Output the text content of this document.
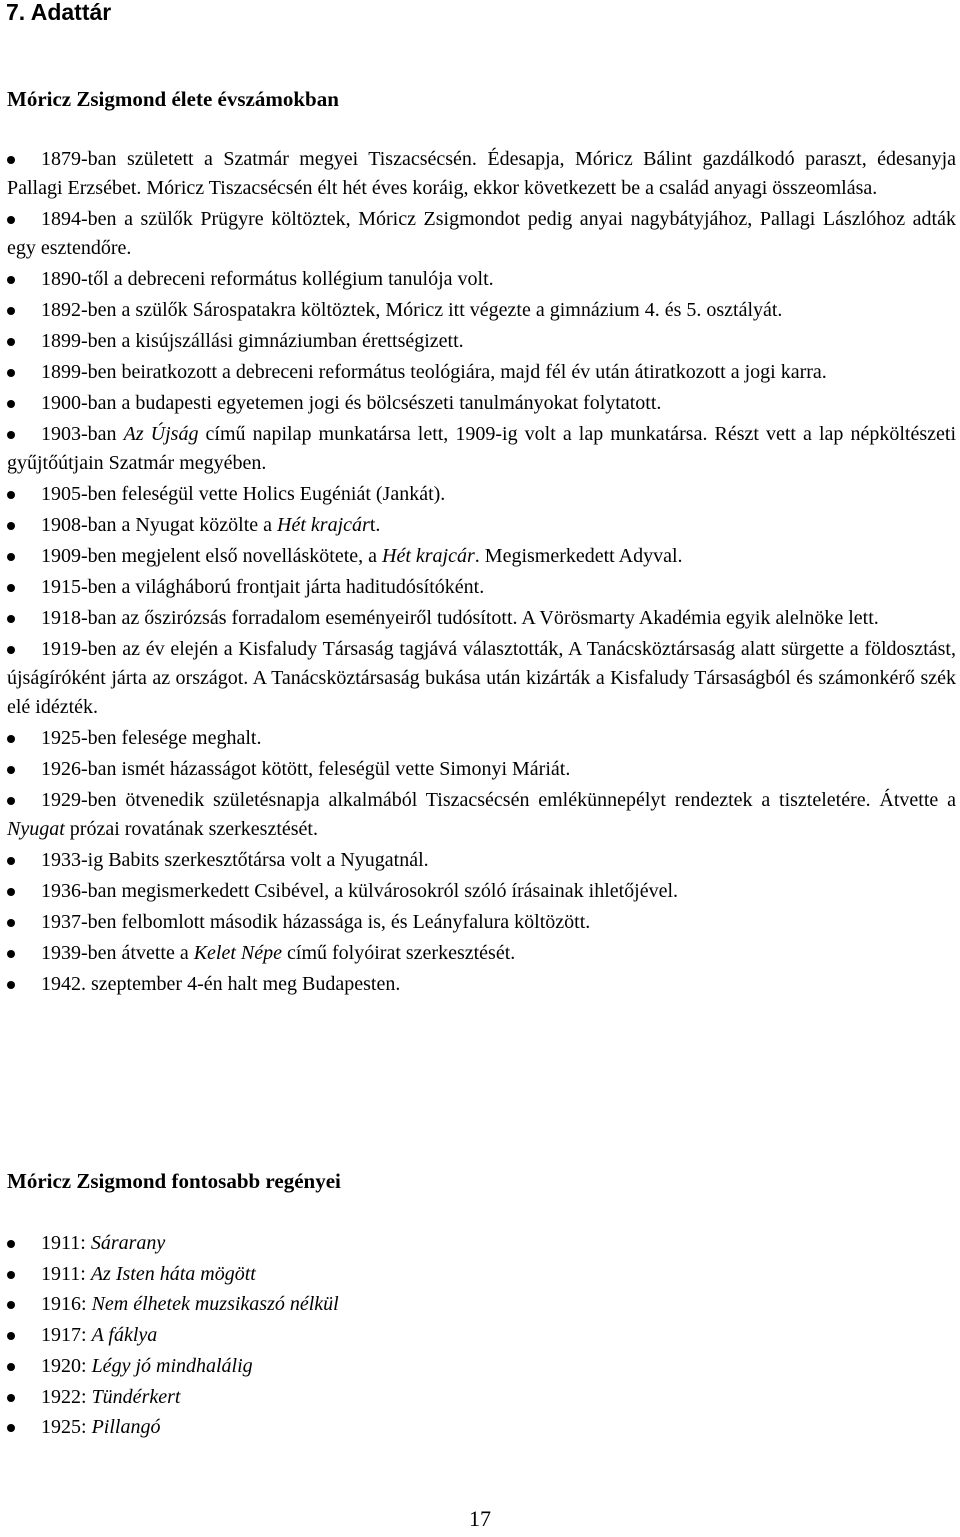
7. Adattár
Móricz Zsigmond élete évszámokban
1879-ban született a Szatmár megyei Tiszacsécsén. Édesapja, Móricz Bálint gazdálkodó paraszt, édesanyja Pallagi Erzsébet. Móricz Tiszacsécsén élt hét éves koráig, ekkor következett be a család anyagi összeomlása.
1894-ben a szülők Prügyre költöztek, Móricz Zsigmondot pedig anyai nagybátyjához, Pallagi Lászlóhoz adták egy esztendőre.
1890-től a debreceni református kollégium tanulója volt.
1892-ben a szülők Sárospatakra költöztek, Móricz itt végezte a gimnázium 4. és 5. osztályát.
1899-ben a kisújszállási gimnáziumban érettségizett.
1899-ben beiratkozott a debreceni református teológiára, majd fél év után átiratkozott a jogi karra.
1900-ban a budapesti egyetemen jogi és bölcsészeti tanulmányokat folytatott.
1903-ban Az Újság című napilap munkatársa lett, 1909-ig volt a lap munkatársa. Részt vett a lap népköltészeti gyűjtőútjain Szatmár megyében.
1905-ben feleségül vette Holics Eugéniát (Jankát).
1908-ban a Nyugat közölte a Hét krajcárt.
1909-ben megjelent első novelláskötete, a Hét krajcár. Megismerkedett Adyval.
1915-ben a világháború frontjait járta haditudósítóként.
1918-ban az őszirózsás forradalom eseményeiről tudósított. A Vörösmarty Akadémia egyik alelnöke lett.
1919-ben az év elején a Kisfaludy Társaság tagjává választották, A Tanácsköztársaság alatt sürgette a földosztást, újságíróként járta az országot. A Tanácsköztársaság bukása után kizárták a Kisfaludy Társaságból és számonkérő szék elé idézték.
1925-ben felesége meghalt.
1926-ban ismét házasságot kötött, feleségül vette Simonyi Máriát.
1929-ben ötvenedik születésnapja alkalmából Tiszacsécsén emlékünnepélyt rendeztek a tiszteletére. Átvette a Nyugat prózai rovatának szerkesztését.
1933-ig Babits szerkesztőtársa volt a Nyugatnál.
1936-ban megismerkedett Csibével, a külvárosokról szóló írásainak ihletőjével.
1937-ben felbomlott második házassága is, és Leányfalura költözött.
1939-ben átvette a Kelet Népe című folyóirat szerkesztését.
1942. szeptember 4-én halt meg Budapesten.
Móricz Zsigmond fontosabb regényei
1911: Sárarany
1911: Az Isten háta mögött
1916: Nem élhetek muzsikaszó nélkül
1917: A fáklya
1920: Légy jó mindhalálig
1922: Tündérkert
1925: Pillangó
17
